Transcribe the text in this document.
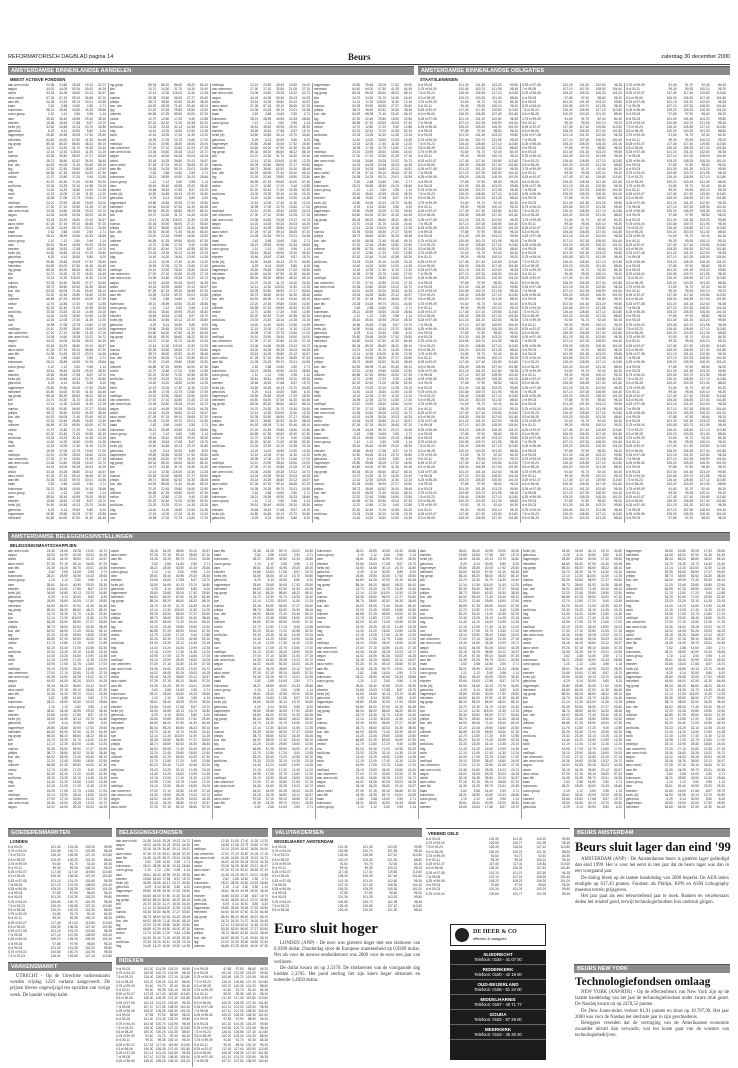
REFORMATORISCH DAGBLAD pagina 14	Beurs	zaterdag 30 december 2000
AMSTERDAMSE BINNENLANDSE AANDELEN
MEEST ACTIEVE FONDSEN
abn amro hold.	24,36	24,60	25,28	19,22	24,72
aegon	44,02	44,05	50,26	30,03	44,25
ahold	33,18	34,25	36,80	20,12	34,57
akzo nobel	57,26	57,15	59,10	36,65	57,20
asm lith.	24,35	24,25	59,70	20,01	24,55
baan	2,62	2,68	14,60	2,50	2,71
buhrmann	28,21	28,59	40,50	24,33	28,66
corus group	1,10	1,12	2,60	0,96	1,14
dsm	35,61	35,40	40,95	29,20	35,30
elsevier	15,66	15,63	17,68	8,57	15,70
fortis (nl)	34,50	34,65	40,13	23,70	34,80
getronics	6,29	6,14	30,50	5,80	6,20
hagemeyer	25,80	25,65	30,05	17,92	25,50
heineken	64,60	64,00	67,50	41,30	64,45
ing groep	85,34	85,20	86,60	48,22	85,10
klm	24,70	24,30	31,70	16,30	24,40
kpn	12,14	12,30	115,00	11,50	12,25
numico	53,35	53,50	56,90	27,27	53,60
philips	38,73	38,60	62,52	34,30	38,45
kon. olie	64,92	65,05	71,40	53,40	65,10
tpg	22,20	22,45	29,80	18,50	22,50
unilever	66,85	67,25	69,50	40,00	67,30
vedior	12,70	12,80	17,20	9,40	12,85
vnu	52,20	52,40	71,00	42,55	52,30
wolt.kluw.	23,33	23,25	32,10	14,35	23,15
hbg	14,40	14,20	16,50	10,90	14,35
stork	12,15	12,05	17,40	11,30	12,20
oce	16,95	17,05	22,75	13,60	17,00
nedlloyd	24,10	23,90	28,40	18,50	24,00
van ommeren	27,00	27,10	32,80	21,05	27,15
abn amro hold.	24,36	24,60	25,28	19,22	24,72
aegon	44,02	44,05	50,26	30,03	44,25
ahold	33,18	34,25	36,80	20,12	34,57
akzo nobel	57,26	57,15	59,10	36,65	57,20
asm lith.	24,35	24,25	59,70	20,01	24,55
baan	2,62	2,68	14,60	2,50	2,71
buhrmann	28,21	28,59	40,50	24,33	28,66
corus group	1,10	1,12	2,60	0,96	1,14
dsm	35,61	35,40	40,95	29,20	35,30
elsevier	15,66	15,63	17,68	8,57	15,70
fortis (nl)	34,50	34,65	40,13	23,70	34,80
getronics	6,29	6,14	30,50	5,80	6,20
hagemeyer	25,80	25,65	30,05	17,92	25,50
heineken	64,60	64,00	67,50	41,30	64,45
ing groep	85,34	85,20	86,60	48,22	85,10
klm	24,70	24,30	31,70	16,30	24,40
kpn	12,14	12,30	115,00	11,50	12,25
numico	53,35	53,50	56,90	27,27	53,60
philips	38,73	38,60	62,52	34,30	38,45
kon. olie	64,92	65,05	71,40	53,40	65,10
tpg	22,20	22,45	29,80	18,50	22,50
unilever	66,85	67,25	69,50	40,00	67,30
vedior	12,70	12,80	17,20	9,40	12,85
vnu	52,20	52,40	71,00	42,55	52,30
wolt.kluw.	23,33	23,25	32,10	14,35	23,15
hbg	14,40	14,20	16,50	10,90	14,35
stork	12,15	12,05	17,40	11,30	12,20
oce	16,95	17,05	22,75	13,60	17,00
nedlloyd	24,10	23,90	28,40	18,50	24,00
van ommeren	27,00	27,10	32,80	21,05	27,15
abn amro hold.	24,36	24,60	25,28	19,22	24,72
aegon	44,02	44,05	50,26	30,03	44,25
ahold	33,18	34,25	36,80	20,12	34,57
akzo nobel	57,26	57,15	59,10	36,65	57,20
asm lith.	24,35	24,25	59,70	20,01	24,55
baan	2,62	2,68	14,60	2,50	2,71
buhrmann	28,21	28,59	40,50	24,33	28,66
corus group	1,10	1,12	2,60	0,96	1,14
dsm	35,61	35,40	40,95	29,20	35,30
elsevier	15,66	15,63	17,68	8,57	15,70
fortis (nl)	34,50	34,65	40,13	23,70	34,80
getronics	6,29	6,14	30,50	5,80	6,20
hagemeyer	25,80	25,65	30,05	17,92	25,50
heineken	64,60	64,00	67,50	41,30	64,45
ing groep	85,34	85,20	86,60	48,22	85,10
klm	24,70	24,30	31,70	16,30	24,40
kpn	12,14	12,30	115,00	11,50	12,25
numico	53,35	53,50	56,90	27,27	53,60
philips	38,73	38,60	62,52	34,30	38,45
kon. olie	64,92	65,05	71,40	53,40	65,10
tpg	22,20	22,45	29,80	18,50	22,50
unilever	66,85	67,25	69,50	40,00	67,30
vedior	12,70	12,80	17,20	9,40	12,85
vnu	52,20	52,40	71,00	42,55	52,30
wolt.kluw.	23,33	23,25	32,10	14,35	23,15
hbg	14,40	14,20	16,50	10,90	14,35
stork	12,15	12,05	17,40	11,30	12,20
oce	16,95	17,05	22,75	13,60	17,00
nedlloyd	24,10	23,90	28,40	18,50	24,00
van ommeren	27,00	27,10	32,80	21,05	27,15
abn amro hold.	24,36	24,60	25,28	19,22	24,72
aegon	44,02	44,05	50,26	30,03	44,25
ahold	33,18	34,25	36,80	20,12	34,57
akzo nobel	57,26	57,15	59,10	36,65	57,20
asm lith.	24,35	24,25	59,70	20,01	24,55
baan	2,62	2,68	14,60	2,50	2,71
buhrmann	28,21	28,59	40,50	24,33	28,66
corus group	1,10	1,12	2,60	0,96	1,14
dsm	35,61	35,40	40,95	29,20	35,30
elsevier	15,66	15,63	17,68	8,57	15,70
fortis (nl)	34,50	34,65	40,13	23,70	34,80
getronics	6,29	6,14	30,50	5,80	6,20
hagemeyer	25,80	25,65	30,05	17,92	25,50
heineken	64,60	64,00	67,50	41,30	64,45
ing groep	85,34	85,20	86,60	48,22	85,10
klm	24,70	24,30	31,70	16,30	24,40
kpn	12,14	12,30	115,00	11,50	12,25
numico	53,35	53,50	56,90	27,27	53,60
philips	38,73	38,60	62,52	34,30	38,45
kon. olie	64,92	65,05	71,40	53,40	65,10
tpg	22,20	22,45	29,80	18,50	22,50
unilever	66,85	67,25	69,50	40,00	67,30
vedior	12,70	12,80	17,20	9,40	12,85
vnu	52,20	52,40	71,00	42,55	52,30
wolt.kluw.	23,33	23,25	32,10	14,35	23,15
hbg	14,40	14,20	16,50	10,90	14,35
stork	12,15	12,05	17,40	11,30	12,20
oce	16,95	17,05	22,75	13,60	17,00
nedlloyd	24,10	23,90	28,40	18,50	24,00
van ommeren	27,00	27,10	32,80	21,05	27,15
abn amro hold.	24,36	24,60	25,28	19,22	24,72
aegon	44,02	44,05	50,26	30,03	44,25
ahold	33,18	34,25	36,80	20,12	34,57
akzo nobel	57,26	57,15	59,10	36,65	57,20
asm lith.	24,35	24,25	59,70	20,01	24,55
baan	2,62	2,68	14,60	2,50	2,71
buhrmann	28,21	28,59	40,50	24,33	28,66
corus group	1,10	1,12	2,60	0,96	1,14
dsm	35,61	35,40	40,95	29,20	35,30
elsevier	15,66	15,63	17,68	8,57	15,70
fortis (nl)	34,50	34,65	40,13	23,70	34,80
getronics	6,29	6,14	30,50	5,80	6,20
hagemeyer	25,80	25,65	30,05	17,92	25,50
heineken	64,60	64,00	67,50	41,30	64,45
ing groep	85,34	85,20	86,60	48,22	85,10
klm	24,70	24,30	31,70	16,30	24,40
kpn	12,14	12,30	115,00	11,50	12,25
numico	53,35	53,50	56,90	27,27	53,60
philips	38,73	38,60	62,52	34,30	38,45
kon. olie	64,92	65,05	71,40	53,40	65,10
tpg	22,20	22,45	29,80	18,50	22,50
unilever	66,85	67,25	69,50	40,00	67,30
vedior	12,70	12,80	17,20	9,40	12,85
vnu	52,20	52,40	71,00	42,55	52,30
wolt.kluw.	23,33	23,25	32,10	14,35	23,15
hbg	14,40	14,20	16,50	10,90	14,35
stork	12,15	12,05	17,40	11,30	12,20
oce	16,95	17,05	22,75	13,60	17,00
nedlloyd	24,10	23,90	28,40	18,50	24,00
van ommeren	27,00	27,10	32,80	21,05	27,15
abn amro hold.	24,36	24,60	25,28	19,22	24,72
aegon	44,02	44,05	50,26	30,03	44,25
ahold	33,18	34,25	36,80	20,12	34,57
akzo nobel	57,26	57,15	59,10	36,65	57,20
asm lith.	24,35	24,25	59,70	20,01	24,55
baan	2,62	2,68	14,60	2,50	2,71
buhrmann	28,21	28,59	40,50	24,33	28,66
corus group	1,10	1,12	2,60	0,96	1,14
dsm	35,61	35,40	40,95	29,20	35,30
elsevier	15,66	15,63	17,68	8,57	15,70
fortis (nl)	34,50	34,65	40,13	23,70	34,80
getronics	6,29	6,14	30,50	5,80	6,20
hagemeyer	25,80	25,65	30,05	17,92	25,50
heineken	64,60	64,00	67,50	41,30	64,45
ing groep	85,34	85,20	86,60	48,22	85,10
klm	24,70	24,30	31,70	16,30	24,40
kpn	12,14	12,30	115,00	11,50	12,25
numico	53,35	53,50	56,90	27,27	53,60
philips	38,73	38,60	62,52	34,30	38,45
kon. olie	64,92	65,05	71,40	53,40	65,10
tpg	22,20	22,45	29,80	18,50	22,50
unilever	66,85	67,25	69,50	40,00	67,30
vedior	12,70	12,80	17,20	9,40	12,85
vnu	52,20	52,40	71,00	42,55	52,30
wolt.kluw.	23,33	23,25	32,10	14,35	23,15
hbg	14,40	14,20	16,50	10,90	14,35
stork	12,15	12,05	17,40	11,30	12,20
oce	16,95	17,05	22,75	13,60	17,00
nedlloyd	24,10	23,90	28,40	18,50	24,00
van ommeren	27,00	27,10	32,80	21,05	27,15
abn amro hold.	24,36	24,60	25,28	19,22	24,72
aegon	44,02	44,05	50,26	30,03	44,25
ahold	33,18	34,25	36,80	20,12	34,57
akzo nobel	57,26	57,15	59,10	36,65	57,20
asm lith.	24,35	24,25	59,70	20,01	24,55
baan	2,62	2,68	14,60	2,50	2,71
buhrmann	28,21	28,59	40,50	24,33	28,66
corus group	1,10	1,12	2,60	0,96	1,14
dsm	35,61	35,40	40,95	29,20	35,30
elsevier	15,66	15,63	17,68	8,57	15,70
fortis (nl)	34,50	34,65	40,13	23,70	34,80
getronics	6,29	6,14	30,50	5,80	6,20
hagemeyer	25,80	25,65	30,05	17,92	25,50
heineken	64,60	64,00	67,50	41,30	64,45
ing groep	85,34	85,20	86,60	48,22	85,10
klm	24,70	24,30	31,70	16,30	24,40
kpn	12,14	12,30	115,00	11,50	12,25
numico	53,35	53,50	56,90	27,27	53,60
philips	38,73	38,60	62,52	34,30	38,45
kon. olie	64,92	65,05	71,40	53,40	65,10
tpg	22,20	22,45	29,80	18,50	22,50
unilever	66,85	67,25	69,50	40,00	67,30
vedior	12,70	12,80	17,20	9,40	12,85
vnu	52,20	52,40	71,00	42,55	52,30
wolt.kluw.	23,33	23,25	32,10	14,35	23,15
hbg	14,40	14,20	16,50	10,90	14,35
stork	12,15	12,05	17,40	11,30	12,20
oce	16,95	17,05	22,75	13,60	17,00
nedlloyd	24,10	23,90	28,40	18,50	24,00
van ommeren	27,00	27,10	32,80	21,05	27,15
abn amro hold.	24,36	24,60	25,28	19,22	24,72
aegon	44,02	44,05	50,26	30,03	44,25
ahold	33,18	34,25	36,80	20,12	34,57
akzo nobel	57,26	57,15	59,10	36,65	57,20
asm lith.	24,35	24,25	59,70	20,01	24,55
baan	2,62	2,68	14,60	2,50	2,71
buhrmann	28,21	28,59	40,50	24,33	28,66
corus group	1,10	1,12	2,60	0,96	1,14
dsm	35,61	35,40	40,95	29,20	35,30
elsevier	15,66	15,63	17,68	8,57	15,70
fortis (nl)	34,50	34,65	40,13	23,70	34,80
getronics	6,29	6,14	30,50	5,80	6,20
hagemeyer	25,80	25,65	30,05	17,92	25,50
heineken	64,60	64,00	67,50	41,30	64,45
ing groep	85,34	85,20	86,60	48,22	85,10
klm	24,70	24,30	31,70	16,30	24,40
kpn	12,14	12,30	115,00	11,50	12,25
numico	53,35	53,50	56,90	27,27	53,60
philips	38,73	38,60	62,52	34,30	38,45
kon. olie	64,92	65,05	71,40	53,40	65,10
tpg	22,20	22,45	29,80	18,50	22,50
unilever	66,85	67,25	69,50	40,00	67,30
vedior	12,70	12,80	17,20	9,40	12,85
vnu	52,20	52,40	71,00	42,55	52,30
wolt.kluw.	23,33	23,25	32,10	14,35	23,15
hbg	14,40	14,20	16,50	10,90	14,35
stork	12,15	12,05	17,40	11,30	12,20
oce	16,95	17,05	22,75	13,60	17,00
nedlloyd	24,10	23,90	28,40	18,50	24,00
van ommeren	27,00	27,10	32,80	21,05	27,15
abn amro hold.	24,36	24,60	25,28	19,22	24,72
aegon	44,02	44,05	50,26	30,03	44,25
ahold	33,18	34,25	36,80	20,12	34,57
akzo nobel	57,26	57,15	59,10	36,65	57,20
asm lith.	24,35	24,25	59,70	20,01	24,55
baan	2,62	2,68	14,60	2,50	2,71
buhrmann	28,21	28,59	40,50	24,33	28,66
corus group	1,10	1,12	2,60	0,96	1,14
dsm	35,61	35,40	40,95	29,20	35,30
elsevier	15,66	15,63	17,68	8,57	15,70
fortis (nl)	34,50	34,65	40,13	23,70	34,80
getronics	6,29	6,14	30,50	5,80	6,20
hagemeyer	25,80	25,65	30,05	17,92	25,50
heineken	64,60	64,00	67,50	41,30	64,45
ing groep	85,34	85,20	86,60	48,22	85,10
klm	24,70	24,30	31,70	16,30	24,40
kpn	12,14	12,30	115,00	11,50	12,25
numico	53,35	53,50	56,90	27,27	53,60
philips	38,73	38,60	62,52	34,30	38,45
kon. olie	64,92	65,05	71,40	53,40	65,10
tpg	22,20	22,45	29,80	18,50	22,50
unilever	66,85	67,25	69,50	40,00	67,30
vedior	12,70	12,80	17,20	9,40	12,85
vnu	52,20	52,40	71,00	42,55	52,30
wolt.kluw.	23,33	23,25	32,10	14,35	23,15
hbg	14,40	14,20	16,50	10,90	14,35
stork	12,15	12,05	17,40	11,30	12,20
oce	16,95	17,05	22,75	13,60	17,00
nedlloyd	24,10	23,90	28,40	18,50	24,00
van ommeren	27,00	27,10	32,80	21,05	27,15
abn amro hold.	24,36	24,60	25,28	19,22	24,72
aegon	44,02	44,05	50,26	30,03	44,25
ahold	33,18	34,25	36,80	20,12	34,57
akzo nobel	57,26	57,15	59,10	36,65	57,20
asm lith.	24,35	24,25	59,70	20,01	24,55
baan	2,62	2,68	14,60	2,50	2,71
buhrmann	28,21	28,59	40,50	24,33	28,66
corus group	1,10	1,12	2,60	0,96	1,14
dsm	35,61	35,40	40,95	29,20	35,30
elsevier	15,66	15,63	17,68	8,57	15,70
fortis (nl)	34,50	34,65	40,13	23,70	34,80
getronics	6,29	6,14	30,50	5,80	6,20
hagemeyer	25,80	25,65	30,05	17,92	25,50
heineken	64,60	64,00	67,50	41,30	64,45
ing groep	85,34	85,20	86,60	48,22	85,10
klm	24,70	24,30	31,70	16,30	24,40
kpn	12,14	12,30	115,00	11,50	12,25
numico	53,35	53,50	56,90	27,27	53,60
philips	38,73	38,60	62,52	34,30	38,45
kon. olie	64,92	65,05	71,40	53,40	65,10
tpg	22,20	22,45	29,80	18,50	22,50
unilever	66,85	67,25	69,50	40,00	67,30
vedior	12,70	12,80	17,20	9,40	12,85
vnu	52,20	52,40	71,00	42,55	52,30
wolt.kluw.	23,33	23,25	32,10	14,35	23,15
hbg	14,40	14,20	16,50	10,90	14,35
stork	12,15	12,05	17,40	11,30	12,20
oce	16,95	17,05	22,75	13,60	17,00
nedlloyd	24,10	23,90	28,40	18,50	24,00
van ommeren	27,00	27,10	32,80	21,05	27,15
abn amro hold.	24,36	24,60	25,28	19,22	24,72
aegon	44,02	44,05	50,26	30,03	44,25
ahold	33,18	34,25	36,80	20,12	34,57
akzo nobel	57,26	57,15	59,10	36,65	57,20
asm lith.	24,35	24,25	59,70	20,01	24,55
baan	2,62	2,68	14,60	2,50	2,71
buhrmann	28,21	28,59	40,50	24,33	28,66
corus group	1,10	1,12	2,60	0,96	1,14
dsm	35,61	35,40	40,95	29,20	35,30
elsevier	15,66	15,63	17,68	8,57	15,70
fortis (nl)	34,50	34,65	40,13	23,70	34,80
getronics	6,29	6,14	30,50	5,80	6,20
hagemeyer	25,80	25,65	30,05	17,92	25,50
heineken	64,60	64,00	67,50	41,30	64,45
ing groep	85,34	85,20	86,60	48,22	85,10
klm	24,70	24,30	31,70	16,30	24,40
kpn	12,14	12,30	115,00	11,50	12,25
numico	53,35	53,50	56,90	27,27	53,60
philips	38,73	38,60	62,52	34,30	38,45
kon. olie	64,92	65,05	71,40	53,40	65,10
tpg	22,20	22,45	29,80	18,50	22,50
unilever	66,85	67,25	69,50	40,00	67,30
vedior	12,70	12,80	17,20	9,40	12,85
vnu	52,20	52,40	71,00	42,55	52,30
wolt.kluw.	23,33	23,25	32,10	14,35	23,15
hbg	14,40	14,20	16,50	10,90	14,35
stork	12,15	12,05	17,40	11,30	12,20
oce	16,95	17,05	22,75	13,60	17,00
nedlloyd	24,10	23,90	28,40	18,50	24,00
van ommeren	27,00	27,10	32,80	21,05	27,15
abn amro hold.	24,36	24,60	25,28	19,22	24,72
aegon	44,02	44,05	50,26	30,03	44,25
ahold	33,18	34,25	36,80	20,12	34,57
akzo nobel	57,26	57,15	59,10	36,65	57,20
asm lith.	24,35	24,25	59,70	20,01	24,55
baan	2,62	2,68	14,60	2,50	2,71
buhrmann	28,21	28,59	40,50	24,33	28,66
corus group	1,10	1,12	2,60	0,96	1,14
dsm	35,61	35,40	40,95	29,20	35,30
elsevier	15,66	15,63	17,68	8,57	15,70
fortis (nl)	34,50	34,65	40,13	23,70	34,80
getronics	6,29	6,14	30,50	5,80	6,20
hagemeyer	25,80	25,65	30,05	17,92	25,50
heineken	64,60	64,00	67,50	41,30	64,45
ing groep	85,34	85,20	86,60	48,22	85,10
klm	24,70	24,30	31,70	16,30	24,40
kpn	12,14	12,30	115,00	11,50	12,25
numico	53,35	53,50	56,90	27,27	53,60
philips	38,73	38,60	62,52	34,30	38,45
kon. olie	64,92	65,05	71,40	53,40	65,10
tpg	22,20	22,45	29,80	18,50	22,50
unilever	66,85	67,25	69,50	40,00	67,30
vedior	12,70	12,80	17,20	9,40	12,85
vnu	52,20	52,40	71,00	42,55	52,30
wolt.kluw.	23,33	23,25	32,10	14,35	23,15
hbg	14,40	14,20	16,50	10,90	14,35
stork	12,15	12,05	17,40	11,30	12,20
oce	16,95	17,05	22,75	13,60	17,00
nedlloyd	24,10	23,90	28,40	18,50	24,00
van ommeren	27,00	27,10	32,80	21,05	27,15
abn amro hold.	24,36	24,60	25,28	19,22	24,72
aegon	44,02	44,05	50,26	30,03	44,25
ahold	33,18	34,25	36,80	20,12	34,57
akzo nobel	57,26	57,15	59,10	36,65	57,20
asm lith.	24,35	24,25	59,70	20,01	24,55
baan	2,62	2,68	14,60	2,50	2,71
buhrmann	28,21	28,59	40,50	24,33	28,66
corus group	1,10	1,12	2,60	0,96	1,14
dsm	35,61	35,40	40,95	29,20	35,30
elsevier	15,66	15,63	17,68	8,57	15,70
fortis (nl)	34,50	34,65	40,13	23,70	34,80
getronics	6,29	6,14	30,50	5,80	6,20
hagemeyer	25,80	25,65	30,05	17,92	25,50
heineken	64,60	64,00	67,50	41,30	64,45
ing groep	85,34	85,20	86,60	48,22	85,10
klm	24,70	24,30	31,70	16,30	24,40
kpn	12,14	12,30	115,00	11,50	12,25
numico	53,35	53,50	56,90	27,27	53,60
philips	38,73	38,60	62,52	34,30	38,45
kon. olie	64,92	65,05	71,40	53,40	65,10
tpg	22,20	22,45	29,80	18,50	22,50
unilever	66,85	67,25	69,50	40,00	67,30
vedior	12,70	12,80	17,20	9,40	12,85
vnu	52,20	52,40	71,00	42,55	52,30
wolt.kluw.	23,33	23,25	32,10	14,35	23,15
hbg	14,40	14,20	16,50	10,90	14,35
stork	12,15	12,05	17,40	11,30	12,20
oce	16,95	17,05	22,75	13,60	17,00
nedlloyd	24,10	23,90	28,40	18,50	24,00
van ommeren	27,00	27,10	32,80	21,05	27,15
abn amro hold.	24,36	24,60	25,28	19,22	24,72
aegon	44,02	44,05	50,26	30,03	44,25
ahold	33,18	34,25	36,80	20,12	34,57
akzo nobel	57,26	57,15	59,10	36,65	57,20
asm lith.	24,35	24,25	59,70	20,01	24,55
baan	2,62	2,68	14,60	2,50	2,71
buhrmann	28,21	28,59	40,50	24,33	28,66
corus group	1,10	1,12	2,60	0,96	1,14
dsm	35,61	35,40	40,95	29,20	35,30
elsevier	15,66	15,63	17,68	8,57	15,70
fortis (nl)	34,50	34,65	40,13	23,70	34,80
getronics	6,29	6,14	30,50	5,80	6,20
hagemeyer	25,80	25,65	30,05	17,92	25,50
heineken	64,60	64,00	67,50	41,30	64,45
ing groep	85,34	85,20	86,60	48,22	85,10
klm	24,70	24,30	31,70	16,30	24,40
kpn	12,14	12,30	115,00	11,50	12,25
numico	53,35	53,50	56,90	27,27	53,60
philips	38,73	38,60	62,52	34,30	38,45
kon. olie	64,92	65,05	71,40	53,40	65,10
tpg	22,20	22,45	29,80	18,50	22,50
unilever	66,85	67,25	69,50	40,00	67,30
vedior	12,70	12,80	17,20	9,40	12,85
vnu	52,20	52,40	71,00	42,55	52,30
wolt.kluw.	23,33	23,25	32,10	14,35	23,15
hbg	14,40	14,20	16,50	10,90	14,35
AMSTERDAMSE BINNENLANDSE OBLIGATIES
STAATSLENINGEN
6 nl 93-03	101,30	101,35	103,20	99,80
5,75 nl 94-04	100,65	100,70	101,95	98,45
7,5 nl 93-23	126,40	126,55	127,10	110,80
5,5 nl 98-28	100,20	100,25	101,30	88,60
3,75 nl 99-09	91,60	91,70	92,40	84,30
5 nl 00-11	99,30	99,35	100,10	95,20
8,25 nl 92-07	117,45	117,40	119,80	113,60
6,5 nl 96-06	106,30	106,35	107,40	101,80
5,25 nl 97-08	101,15	101,20	102,60	96,35
7 nl 95-05	107,10	107,05	108,90	104,40
6,25 nl 96-06	105,20	105,25	106,30	101,00
4 nl 99-03	97,85	97,90	98,60	96,20
6 nl 93-03	101,30	101,35	103,20	99,80
5,75 nl 94-04	100,65	100,70	101,95	98,45
7,5 nl 93-23	126,40	126,55	127,10	110,80
5,5 nl 98-28	100,20	100,25	101,30	88,60
3,75 nl 99-09	91,60	91,70	92,40	84,30
5 nl 00-11	99,30	99,35	100,10	95,20
8,25 nl 92-07	117,45	117,40	119,80	113,60
6,5 nl 96-06	106,30	106,35	107,40	101,80
5,25 nl 97-08	101,15	101,20	102,60	96,35
7 nl 95-05	107,10	107,05	108,90	104,40
6,25 nl 96-06	105,20	105,25	106,30	101,00
4 nl 99-03	97,85	97,90	98,60	96,20
6 nl 93-03	101,30	101,35	103,20	99,80
5,75 nl 94-04	100,65	100,70	101,95	98,45
7,5 nl 93-23	126,40	126,55	127,10	110,80
5,5 nl 98-28	100,20	100,25	101,30	88,60
3,75 nl 99-09	91,60	91,70	92,40	84,30
5 nl 00-11	99,30	99,35	100,10	95,20
8,25 nl 92-07	117,45	117,40	119,80	113,60
6,5 nl 96-06	106,30	106,35	107,40	101,80
5,25 nl 97-08	101,15	101,20	102,60	96,35
7 nl 95-05	107,10	107,05	108,90	104,40
6,25 nl 96-06	105,20	105,25	106,30	101,00
4 nl 99-03	97,85	97,90	98,60	96,20
6 nl 93-03	101,30	101,35	103,20	99,80
5,75 nl 94-04	100,65	100,70	101,95	98,45
7,5 nl 93-23	126,40	126,55	127,10	110,80
5,5 nl 98-28	100,20	100,25	101,30	88,60
3,75 nl 99-09	91,60	91,70	92,40	84,30
5 nl 00-11	99,30	99,35	100,10	95,20
8,25 nl 92-07	117,45	117,40	119,80	113,60
6,5 nl 96-06	106,30	106,35	107,40	101,80
5,25 nl 97-08	101,15	101,20	102,60	96,35
7 nl 95-05	107,10	107,05	108,90	104,40
6,25 nl 96-06	105,20	105,25	106,30	101,00
4 nl 99-03	97,85	97,90	98,60	96,20
6 nl 93-03	101,30	101,35	103,20	99,80
5,75 nl 94-04	100,65	100,70	101,95	98,45
7,5 nl 93-23	126,40	126,55	127,10	110,80
5,5 nl 98-28	100,20	100,25	101,30	88,60
3,75 nl 99-09	91,60	91,70	92,40	84,30
5 nl 00-11	99,30	99,35	100,10	95,20
8,25 nl 92-07	117,45	117,40	119,80	113,60
6,5 nl 96-06	106,30	106,35	107,40	101,80
5,25 nl 97-08	101,15	101,20	102,60	96,35
7 nl 95-05	107,10	107,05	108,90	104,40
6,25 nl 96-06	105,20	105,25	106,30	101,00
4 nl 99-03	97,85	97,90	98,60	96,20
6 nl 93-03	101,30	101,35	103,20	99,80
5,75 nl 94-04	100,65	100,70	101,95	98,45
7,5 nl 93-23	126,40	126,55	127,10	110,80
5,5 nl 98-28	100,20	100,25	101,30	88,60
3,75 nl 99-09	91,60	91,70	92,40	84,30
5 nl 00-11	99,30	99,35	100,10	95,20
8,25 nl 92-07	117,45	117,40	119,80	113,60
6,5 nl 96-06	106,30	106,35	107,40	101,80
5,25 nl 97-08	101,15	101,20	102,60	96,35
7 nl 95-05	107,10	107,05	108,90	104,40
6,25 nl 96-06	105,20	105,25	106,30	101,00
4 nl 99-03	97,85	97,90	98,60	96,20
6 nl 93-03	101,30	101,35	103,20	99,80
5,75 nl 94-04	100,65	100,70	101,95	98,45
7,5 nl 93-23	126,40	126,55	127,10	110,80
5,5 nl 98-28	100,20	100,25	101,30	88,60
3,75 nl 99-09	91,60	91,70	92,40	84,30
5 nl 00-11	99,30	99,35	100,10	95,20
8,25 nl 92-07	117,45	117,40	119,80	113,60
6,5 nl 96-06	106,30	106,35	107,40	101,80
5,25 nl 97-08	101,15	101,20	102,60	96,35
7 nl 95-05	107,10	107,05	108,90	104,40
6,25 nl 96-06	105,20	105,25	106,30	101,00
4 nl 99-03	97,85	97,90	98,60	96,20
6 nl 93-03	101,30	101,35	103,20	99,80
5,75 nl 94-04	100,65	100,70	101,95	98,45
7,5 nl 93-23	126,40	126,55	127,10	110,80
5,5 nl 98-28	100,20	100,25	101,30	88,60
3,75 nl 99-09	91,60	91,70	92,40	84,30
5 nl 00-11	99,30	99,35	100,10	95,20
8,25 nl 92-07	117,45	117,40	119,80	113,60
6,5 nl 96-06	106,30	106,35	107,40	101,80
5,25 nl 97-08	101,15	101,20	102,60	96,35
7 nl 95-05	107,10	107,05	108,90	104,40
6,25 nl 96-06	105,20	105,25	106,30	101,00
4 nl 99-03	97,85	97,90	98,60	96,20
6 nl 93-03	101,30	101,35	103,20	99,80
5,75 nl 94-04	100,65	100,70	101,95	98,45
7,5 nl 93-23	126,40	126,55	127,10	110,80
5,5 nl 98-28	100,20	100,25	101,30	88,60
3,75 nl 99-09	91,60	91,70	92,40	84,30
5 nl 00-11	99,30	99,35	100,10	95,20
8,25 nl 92-07	117,45	117,40	119,80	113,60
6,5 nl 96-06	106,30	106,35	107,40	101,80
5,25 nl 97-08	101,15	101,20	102,60	96,35
7 nl 95-05	107,10	107,05	108,90	104,40
6,25 nl 96-06	105,20	105,25	106,30	101,00
4 nl 99-03	97,85	97,90	98,60	96,20
6 nl 93-03	101,30	101,35	103,20	99,80
5,75 nl 94-04	100,65	100,70	101,95	98,45
7,5 nl 93-23	126,40	126,55	127,10	110,80
5,5 nl 98-28	100,20	100,25	101,30	88,60
3,75 nl 99-09	91,60	91,70	92,40	84,30
5 nl 00-11	99,30	99,35	100,10	95,20
8,25 nl 92-07	117,45	117,40	119,80	113,60
6,5 nl 96-06	106,30	106,35	107,40	101,80
5,25 nl 97-08	101,15	101,20	102,60	96,35
7 nl 95-05	107,10	107,05	108,90	104,40
6,25 nl 96-06	105,20	105,25	106,30	101,00
4 nl 99-03	97,85	97,90	98,60	96,20
6 nl 93-03	101,30	101,35	103,20	99,80
5,75 nl 94-04	100,65	100,70	101,95	98,45
7,5 nl 93-23	126,40	126,55	127,10	110,80
5,5 nl 98-28	100,20	100,25	101,30	88,60
3,75 nl 99-09	91,60	91,70	92,40	84,30
5 nl 00-11	99,30	99,35	100,10	95,20
8,25 nl 92-07	117,45	117,40	119,80	113,60
6,5 nl 96-06	106,30	106,35	107,40	101,80
5,25 nl 97-08	101,15	101,20	102,60	96,35
7 nl 95-05	107,10	107,05	108,90	104,40
6,25 nl 96-06	105,20	105,25	106,30	101,00
4 nl 99-03	97,85	97,90	98,60	96,20
6 nl 93-03	101,30	101,35	103,20	99,80
5,75 nl 94-04	100,65	100,70	101,95	98,45
7,5 nl 93-23	126,40	126,55	127,10	110,80
5,5 nl 98-28	100,20	100,25	101,30	88,60
3,75 nl 99-09	91,60	91,70	92,40	84,30
5 nl 00-11	99,30	99,35	100,10	95,20
8,25 nl 92-07	117,45	117,40	119,80	113,60
6,5 nl 96-06	106,30	106,35	107,40	101,80
5,25 nl 97-08	101,15	101,20	102,60	96,35
7 nl 95-05	107,10	107,05	108,90	104,40
6,25 nl 96-06	105,20	105,25	106,30	101,00
4 nl 99-03	97,85	97,90	98,60	96,20
6 nl 93-03	101,30	101,35	103,20	99,80
5,75 nl 94-04	100,65	100,70	101,95	98,45
7,5 nl 93-23	126,40	126,55	127,10	110,80
5,5 nl 98-28	100,20	100,25	101,30	88,60
3,75 nl 99-09	91,60	91,70	92,40	84,30
5 nl 00-11	99,30	99,35	100,10	95,20
8,25 nl 92-07	117,45	117,40	119,80	113,60
6,5 nl 96-06	106,30	106,35	107,40	101,80
5,25 nl 97-08	101,15	101,20	102,60	96,35
7 nl 95-05	107,10	107,05	108,90	104,40
6,25 nl 96-06	105,20	105,25	106,30	101,00
4 nl 99-03	97,85	97,90	98,60	96,20
6 nl 93-03	101,30	101,35	103,20	99,80
5,75 nl 94-04	100,65	100,70	101,95	98,45
7,5 nl 93-23	126,40	126,55	127,10	110,80
5,5 nl 98-28	100,20	100,25	101,30	88,60
3,75 nl 99-09	91,60	91,70	92,40	84,30
5 nl 00-11	99,30	99,35	100,10	95,20
8,25 nl 92-07	117,45	117,40	119,80	113,60
6,5 nl 96-06	106,30	106,35	107,40	101,80
5,25 nl 97-08	101,15	101,20	102,60	96,35
7 nl 95-05	107,10	107,05	108,90	104,40
6,25 nl 96-06	105,20	105,25	106,30	101,00
4 nl 99-03	97,85	97,90	98,60	96,20
6 nl 93-03	101,30	101,35	103,20	99,80
5,75 nl 94-04	100,65	100,70	101,95	98,45
7,5 nl 93-23	126,40	126,55	127,10	110,80
5,5 nl 98-28	100,20	100,25	101,30	88,60
3,75 nl 99-09	91,60	91,70	92,40	84,30
5 nl 00-11	99,30	99,35	100,10	95,20
8,25 nl 92-07	117,45	117,40	119,80	113,60
6,5 nl 96-06	106,30	106,35	107,40	101,80
5,25 nl 97-08	101,15	101,20	102,60	96,35
7 nl 95-05	107,10	107,05	108,90	104,40
6,25 nl 96-06	105,20	105,25	106,30	101,00
4 nl 99-03	97,85	97,90	98,60	96,20
6 nl 93-03	101,30	101,35	103,20	99,80
5,75 nl 94-04	100,65	100,70	101,95	98,45
7,5 nl 93-23	126,40	126,55	127,10	110,80
5,5 nl 98-28	100,20	100,25	101,30	88,60
3,75 nl 99-09	91,60	91,70	92,40	84,30
5 nl 00-11	99,30	99,35	100,10	95,20
8,25 nl 92-07	117,45	117,40	119,80	113,60
6,5 nl 96-06	106,30	106,35	107,40	101,80
5,25 nl 97-08	101,15	101,20	102,60	96,35
7 nl 95-05	107,10	107,05	108,90	104,40
6,25 nl 96-06	105,20	105,25	106,30	101,00
4 nl 99-03	97,85	97,90	98,60	96,20
6 nl 93-03	101,30	101,35	103,20	99,80
5,75 nl 94-04	100,65	100,70	101,95	98,45
7,5 nl 93-23	126,40	126,55	127,10	110,80
5,5 nl 98-28	100,20	100,25	101,30	88,60
3,75 nl 99-09	91,60	91,70	92,40	84,30
5 nl 00-11	99,30	99,35	100,10	95,20
8,25 nl 92-07	117,45	117,40	119,80	113,60
6,5 nl 96-06	106,30	106,35	107,40	101,80
5,25 nl 97-08	101,15	101,20	102,60	96,35
7 nl 95-05	107,10	107,05	108,90	104,40
6,25 nl 96-06	105,20	105,25	106,30	101,00
4 nl 99-03	97,85	97,90	98,60	96,20
6 nl 93-03	101,30	101,35	103,20	99,80
5,75 nl 94-04	100,65	100,70	101,95	98,45
7,5 nl 93-23	126,40	126,55	127,10	110,80
5,5 nl 98-28	100,20	100,25	101,30	88,60
3,75 nl 99-09	91,60	91,70	92,40	84,30
5 nl 00-11	99,30	99,35	100,10	95,20
8,25 nl 92-07	117,45	117,40	119,80	113,60
6,5 nl 96-06	106,30	106,35	107,40	101,80
5,25 nl 97-08	101,15	101,20	102,60	96,35
7 nl 95-05	107,10	107,05	108,90	104,40
6,25 nl 96-06	105,20	105,25	106,30	101,00
4 nl 99-03	97,85	97,90	98,60	96,20
6 nl 93-03	101,30	101,35	103,20	99,80
5,75 nl 94-04	100,65	100,70	101,95	98,45
7,5 nl 93-23	126,40	126,55	127,10	110,80
5,5 nl 98-28	100,20	100,25	101,30	88,60
3,75 nl 99-09	91,60	91,70	92,40	84,30
5 nl 00-11	99,30	99,35	100,10	95,20
8,25 nl 92-07	117,45	117,40	119,80	113,60
6,5 nl 96-06	106,30	106,35	107,40	101,80
5,25 nl 97-08	101,15	101,20	102,60	96,35
7 nl 95-05	107,10	107,05	108,90	104,40
6,25 nl 96-06	105,20	105,25	106,30	101,00
4 nl 99-03	97,85	97,90	98,60	96,20
6 nl 93-03	101,30	101,35	103,20	99,80
5,75 nl 94-04	100,65	100,70	101,95	98,45
7,5 nl 93-23	126,40	126,55	127,10	110,80
5,5 nl 98-28	100,20	100,25	101,30	88,60
3,75 nl 99-09	91,60	91,70	92,40	84,30
5 nl 00-11	99,30	99,35	100,10	95,20
8,25 nl 92-07	117,45	117,40	119,80	113,60
6,5 nl 96-06	106,30	106,35	107,40	101,80
5,25 nl 97-08	101,15	101,20	102,60	96,35
7 nl 95-05	107,10	107,05	108,90	104,40
6,25 nl 96-06	105,20	105,25	106,30	101,00
4 nl 99-03	97,85	97,90	98,60	96,20
6 nl 93-03	101,30	101,35	103,20	99,80
5,75 nl 94-04	100,65	100,70	101,95	98,45
7,5 nl 93-23	126,40	126,55	127,10	110,80
5,5 nl 98-28	100,20	100,25	101,30	88,60
3,75 nl 99-09	91,60	91,70	92,40	84,30
5 nl 00-11	99,30	99,35	100,10	95,20
8,25 nl 92-07	117,45	117,40	119,80	113,60
6,5 nl 96-06	106,30	106,35	107,40	101,80
5,25 nl 97-08	101,15	101,20	102,60	96,35
7 nl 95-05	107,10	107,05	108,90	104,40
6,25 nl 96-06	105,20	105,25	106,30	101,00
4 nl 99-03	97,85	97,90	98,60	96,20
6 nl 93-03	101,30	101,35	103,20	99,80
5,75 nl 94-04	100,65	100,70	101,95	98,45
7,5 nl 93-23	126,40	126,55	127,10	110,80
5,5 nl 98-28	100,20	100,25	101,30	88,60
3,75 nl 99-09	91,60	91,70	92,40	84,30
5 nl 00-11	99,30	99,35	100,10	95,20
8,25 nl 92-07	117,45	117,40	119,80	113,60
6,5 nl 96-06	106,30	106,35	107,40	101,80
5,25 nl 97-08	101,15	101,20	102,60	96,35
7 nl 95-05	107,10	107,05	108,90	104,40
6,25 nl 96-06	105,20	105,25	106,30	101,00
4 nl 99-03	97,85	97,90	98,60	96,20
6 nl 93-03	101,30	101,35	103,20	99,80
5,75 nl 94-04	100,65	100,70	101,95	98,45
7,5 nl 93-23	126,40	126,55	127,10	110,80
5,5 nl 98-28	100,20	100,25	101,30	88,60
3,75 nl 99-09	91,60	91,70	92,40	84,30
5 nl 00-11	99,30	99,35	100,10	95,20
8,25 nl 92-07	117,45	117,40	119,80	113,60
6,5 nl 96-06	106,30	106,35	107,40	101,80
5,25 nl 97-08	101,15	101,20	102,60	96,35
7 nl 95-05	107,10	107,05	108,90	104,40
6,25 nl 96-06	105,20	105,25	106,30	101,00
4 nl 99-03	97,85	97,90	98,60	96,20
6 nl 93-03	101,30	101,35	103,20	99,80
5,75 nl 94-04	100,65	100,70	101,95	98,45
7,5 nl 93-23	126,40	126,55	127,10	110,80
5,5 nl 98-28	100,20	100,25	101,30	88,60
3,75 nl 99-09	91,60	91,70	92,40	84,30
5 nl 00-11	99,30	99,35	100,10	95,20
8,25 nl 92-07	117,45	117,40	119,80	113,60
6,5 nl 96-06	106,30	106,35	107,40	101,80
5,25 nl 97-08	101,15	101,20	102,60	96,35
7 nl 95-05	107,10	107,05	108,90	104,40
6,25 nl 96-06	105,20	105,25	106,30	101,00
4 nl 99-03	97,85	97,90	98,60	96,20
6 nl 93-03	101,30	101,35	103,20	99,80
5,75 nl 94-04	100,65	100,70	101,95	98,45
7,5 nl 93-23	126,40	126,55	127,10	110,80
5,5 nl 98-28	100,20	100,25	101,30	88,60
3,75 nl 99-09	91,60	91,70	92,40	84,30
5 nl 00-11	99,30	99,35	100,10	95,20
8,25 nl 92-07	117,45	117,40	119,80	113,60
6,5 nl 96-06	106,30	106,35	107,40	101,80
5,25 nl 97-08	101,15	101,20	102,60	96,35
7 nl 95-05	107,10	107,05	108,90	104,40
6,25 nl 96-06	105,20	105,25	106,30	101,00
4 nl 99-03	97,85	97,90	98,60	96,20
6 nl 93-03	101,30	101,35	103,20	99,80
5,75 nl 94-04	100,65	100,70	101,95	98,45
7,5 nl 93-23	126,40	126,55	127,10	110,80
5,5 nl 98-28	100,20	100,25	101,30	88,60
3,75 nl 99-09	91,60	91,70	92,40	84,30
5 nl 00-11	99,30	99,35	100,10	95,20
8,25 nl 92-07	117,45	117,40	119,80	113,60
6,5 nl 96-06	106,30	106,35	107,40	101,80
5,25 nl 97-08	101,15	101,20	102,60	96,35
7 nl 95-05	107,10	107,05	108,90	104,40
6,25 nl 96-06	105,20	105,25	106,30	101,00
4 nl 99-03	97,85	97,90	98,60	96,20
AMSTERDAMSE BELEGGINGSINSTELLINGEN
BELEGGINGSMAATSCHAPPIJEN
abn amro hold.	24,36	24,60	25,28	19,22	24,72
aegon	44,02	44,05	50,26	30,03	44,25
ahold	33,18	34,25	36,80	20,12	34,57
akzo nobel	57,26	57,15	59,10	36,65	57,20
asm lith.	24,35	24,25	59,70	20,01	24,55
baan	2,62	2,68	14,60	2,50	2,71
buhrmann	28,21	28,59	40,50	24,33	28,66
corus group	1,10	1,12	2,60	0,96	1,14
dsm	35,61	35,40	40,95	29,20	35,30
elsevier	15,66	15,63	17,68	8,57	15,70
fortis (nl)	34,50	34,65	40,13	23,70	34,80
getronics	6,29	6,14	30,50	5,80	6,20
hagemeyer	25,80	25,65	30,05	17,92	25,50
heineken	64,60	64,00	67,50	41,30	64,45
ing groep	85,34	85,20	86,60	48,22	85,10
klm	24,70	24,30	31,70	16,30	24,40
kpn	12,14	12,30	115,00	11,50	12,25
numico	53,35	53,50	56,90	27,27	53,60
philips	38,73	38,60	62,52	34,30	38,45
kon. olie	64,92	65,05	71,40	53,40	65,10
tpg	22,20	22,45	29,80	18,50	22,50
unilever	66,85	67,25	69,50	40,00	67,30
vedior	12,70	12,80	17,20	9,40	12,85
vnu	52,20	52,40	71,00	42,55	52,30
wolt.kluw.	23,33	23,25	32,10	14,35	23,15
hbg	14,40	14,20	16,50	10,90	14,35
stork	12,15	12,05	17,40	11,30	12,20
oce	16,95	17,05	22,75	13,60	17,00
nedlloyd	24,10	23,90	28,40	18,50	24,00
van ommeren	27,00	27,10	32,80	21,05	27,15
abn amro hold.	24,36	24,60	25,28	19,22	24,72
aegon	44,02	44,05	50,26	30,03	44,25
ahold	33,18	34,25	36,80	20,12	34,57
akzo nobel	57,26	57,15	59,10	36,65	57,20
asm lith.	24,35	24,25	59,70	20,01	24,55
baan	2,62	2,68	14,60	2,50	2,71
buhrmann	28,21	28,59	40,50	24,33	28,66
corus group	1,10	1,12	2,60	0,96	1,14
dsm	35,61	35,40	40,95	29,20	35,30
elsevier	15,66	15,63	17,68	8,57	15,70
fortis (nl)	34,50	34,65	40,13	23,70	34,80
getronics	6,29	6,14	30,50	5,80	6,20
hagemeyer	25,80	25,65	30,05	17,92	25,50
heineken	64,60	64,00	67,50	41,30	64,45
ing groep	85,34	85,20	86,60	48,22	85,10
klm	24,70	24,30	31,70	16,30	24,40
kpn	12,14	12,30	115,00	11,50	12,25
numico	53,35	53,50	56,90	27,27	53,60
philips	38,73	38,60	62,52	34,30	38,45
kon. olie	64,92	65,05	71,40	53,40	65,10
tpg	22,20	22,45	29,80	18,50	22,50
unilever	66,85	67,25	69,50	40,00	67,30
vedior	12,70	12,80	17,20	9,40	12,85
vnu	52,20	52,40	71,00	42,55	52,30
wolt.kluw.	23,33	23,25	32,10	14,35	23,15
hbg	14,40	14,20	16,50	10,90	14,35
stork	12,15	12,05	17,40	11,30	12,20
oce	16,95	17,05	22,75	13,60	17,00
nedlloyd	24,10	23,90	28,40	18,50	24,00
van ommeren	27,00	27,10	32,80	21,05	27,15
abn amro hold.	24,36	24,60	25,28	19,22	24,72
aegon	44,02	44,05	50,26	30,03	44,25
ahold	33,18	34,25	36,80	20,12	34,57
akzo nobel	57,26	57,15	59,10	36,65	57,20
asm lith.	24,35	24,25	59,70	20,01	24,55
baan	2,62	2,68	14,60	2,50	2,71
buhrmann	28,21	28,59	40,50	24,33	28,66
corus group	1,10	1,12	2,60	0,96	1,14
dsm	35,61	35,40	40,95	29,20	35,30
elsevier	15,66	15,63	17,68	8,57	15,70
fortis (nl)	34,50	34,65	40,13	23,70	34,80
getronics	6,29	6,14	30,50	5,80	6,20
hagemeyer	25,80	25,65	30,05	17,92	25,50
heineken	64,60	64,00	67,50	41,30	64,45
ing groep	85,34	85,20	86,60	48,22	85,10
klm	24,70	24,30	31,70	16,30	24,40
kpn	12,14	12,30	115,00	11,50	12,25
numico	53,35	53,50	56,90	27,27	53,60
philips	38,73	38,60	62,52	34,30	38,45
kon. olie	64,92	65,05	71,40	53,40	65,10
tpg	22,20	22,45	29,80	18,50	22,50
unilever	66,85	67,25	69,50	40,00	67,30
vedior	12,70	12,80	17,20	9,40	12,85
vnu	52,20	52,40	71,00	42,55	52,30
wolt.kluw.	23,33	23,25	32,10	14,35	23,15
hbg	14,40	14,20	16,50	10,90	14,35
stork	12,15	12,05	17,40	11,30	12,20
oce	16,95	17,05	22,75	13,60	17,00
nedlloyd	24,10	23,90	28,40	18,50	24,00
van ommeren	27,00	27,10	32,80	21,05	27,15
abn amro hold.	24,36	24,60	25,28	19,22	24,72
aegon	44,02	44,05	50,26	30,03	44,25
ahold	33,18	34,25	36,80	20,12	34,57
akzo nobel	57,26	57,15	59,10	36,65	57,20
asm lith.	24,35	24,25	59,70	20,01	24,55
baan	2,62	2,68	14,60	2,50	2,71
buhrmann	28,21	28,59	40,50	24,33	28,66
corus group	1,10	1,12	2,60	0,96	1,14
dsm	35,61	35,40	40,95	29,20	35,30
elsevier	15,66	15,63	17,68	8,57	15,70
fortis (nl)	34,50	34,65	40,13	23,70	34,80
getronics	6,29	6,14	30,50	5,80	6,20
hagemeyer	25,80	25,65	30,05	17,92	25,50
heineken	64,60	64,00	67,50	41,30	64,45
ing groep	85,34	85,20	86,60	48,22	85,10
klm	24,70	24,30	31,70	16,30	24,40
kpn	12,14	12,30	115,00	11,50	12,25
numico	53,35	53,50	56,90	27,27	53,60
philips	38,73	38,60	62,52	34,30	38,45
kon. olie	64,92	65,05	71,40	53,40	65,10
tpg	22,20	22,45	29,80	18,50	22,50
unilever	66,85	67,25	69,50	40,00	67,30
vedior	12,70	12,80	17,20	9,40	12,85
vnu	52,20	52,40	71,00	42,55	52,30
wolt.kluw.	23,33	23,25	32,10	14,35	23,15
hbg	14,40	14,20	16,50	10,90	14,35
stork	12,15	12,05	17,40	11,30	12,20
oce	16,95	17,05	22,75	13,60	17,00
nedlloyd	24,10	23,90	28,40	18,50	24,00
van ommeren	27,00	27,10	32,80	21,05	27,15
abn amro hold.	24,36	24,60	25,28	19,22	24,72
aegon	44,02	44,05	50,26	30,03	44,25
ahold	33,18	34,25	36,80	20,12	34,57
akzo nobel	57,26	57,15	59,10	36,65	57,20
asm lith.	24,35	24,25	59,70	20,01	24,55
baan	2,62	2,68	14,60	2,50	2,71
buhrmann	28,21	28,59	40,50	24,33	28,66
corus group	1,10	1,12	2,60	0,96	1,14
dsm	35,61	35,40	40,95	29,20	35,30
elsevier	15,66	15,63	17,68	8,57	15,70
fortis (nl)	34,50	34,65	40,13	23,70	34,80
getronics	6,29	6,14	30,50	5,80	6,20
hagemeyer	25,80	25,65	30,05	17,92	25,50
heineken	64,60	64,00	67,50	41,30	64,45
ing groep	85,34	85,20	86,60	48,22	85,10
klm	24,70	24,30	31,70	16,30	24,40
kpn	12,14	12,30	115,00	11,50	12,25
numico	53,35	53,50	56,90	27,27	53,60
philips	38,73	38,60	62,52	34,30	38,45
kon. olie	64,92	65,05	71,40	53,40	65,10
tpg	22,20	22,45	29,80	18,50	22,50
unilever	66,85	67,25	69,50	40,00	67,30
vedior	12,70	12,80	17,20	9,40	12,85
vnu	52,20	52,40	71,00	42,55	52,30
wolt.kluw.	23,33	23,25	32,10	14,35	23,15
hbg	14,40	14,20	16,50	10,90	14,35
stork	12,15	12,05	17,40	11,30	12,20
oce	16,95	17,05	22,75	13,60	17,00
nedlloyd	24,10	23,90	28,40	18,50	24,00
van ommeren	27,00	27,10	32,80	21,05	27,15
abn amro hold.	24,36	24,60	25,28	19,22	24,72
aegon	44,02	44,05	50,26	30,03	44,25
ahold	33,18	34,25	36,80	20,12	34,57
akzo nobel	57,26	57,15	59,10	36,65	57,20
asm lith.	24,35	24,25	59,70	20,01	24,55
baan	2,62	2,68	14,60	2,50	2,71
buhrmann	28,21	28,59	40,50	24,33	28,66
corus group	1,10	1,12	2,60	0,96	1,14
dsm	35,61	35,40	40,95	29,20	35,30
elsevier	15,66	15,63	17,68	8,57	15,70
fortis (nl)	34,50	34,65	40,13	23,70	34,80
getronics	6,29	6,14	30,50	5,80	6,20
hagemeyer	25,80	25,65	30,05	17,92	25,50
heineken	64,60	64,00	67,50	41,30	64,45
ing groep	85,34	85,20	86,60	48,22	85,10
klm	24,70	24,30	31,70	16,30	24,40
kpn	12,14	12,30	115,00	11,50	12,25
numico	53,35	53,50	56,90	27,27	53,60
philips	38,73	38,60	62,52	34,30	38,45
kon. olie	64,92	65,05	71,40	53,40	65,10
tpg	22,20	22,45	29,80	18,50	22,50
unilever	66,85	67,25	69,50	40,00	67,30
vedior	12,70	12,80	17,20	9,40	12,85
vnu	52,20	52,40	71,00	42,55	52,30
wolt.kluw.	23,33	23,25	32,10	14,35	23,15
hbg	14,40	14,20	16,50	10,90	14,35
stork	12,15	12,05	17,40	11,30	12,20
oce	16,95	17,05	22,75	13,60	17,00
nedlloyd	24,10	23,90	28,40	18,50	24,00
van ommeren	27,00	27,10	32,80	21,05	27,15
abn amro hold.	24,36	24,60	25,28	19,22	24,72
aegon	44,02	44,05	50,26	30,03	44,25
ahold	33,18	34,25	36,80	20,12	34,57
akzo nobel	57,26	57,15	59,10	36,65	57,20
asm lith.	24,35	24,25	59,70	20,01	24,55
baan	2,62	2,68	14,60	2,50	2,71
buhrmann	28,21	28,59	40,50	24,33	28,66
corus group	1,10	1,12	2,60	0,96	1,14
dsm	35,61	35,40	40,95	29,20	35,30
elsevier	15,66	15,63	17,68	8,57	15,70
fortis (nl)	34,50	34,65	40,13	23,70	34,80
getronics	6,29	6,14	30,50	5,80	6,20
hagemeyer	25,80	25,65	30,05	17,92	25,50
heineken	64,60	64,00	67,50	41,30	64,45
ing groep	85,34	85,20	86,60	48,22	85,10
klm	24,70	24,30	31,70	16,30	24,40
kpn	12,14	12,30	115,00	11,50	12,25
numico	53,35	53,50	56,90	27,27	53,60
philips	38,73	38,60	62,52	34,30	38,45
kon. olie	64,92	65,05	71,40	53,40	65,10
tpg	22,20	22,45	29,80	18,50	22,50
unilever	66,85	67,25	69,50	40,00	67,30
vedior	12,70	12,80	17,20	9,40	12,85
vnu	52,20	52,40	71,00	42,55	52,30
wolt.kluw.	23,33	23,25	32,10	14,35	23,15
hbg	14,40	14,20	16,50	10,90	14,35
stork	12,15	12,05	17,40	11,30	12,20
oce	16,95	17,05	22,75	13,60	17,00
nedlloyd	24,10	23,90	28,40	18,50	24,00
van ommeren	27,00	27,10	32,80	21,05	27,15
abn amro hold.	24,36	24,60	25,28	19,22	24,72
aegon	44,02	44,05	50,26	30,03	44,25
ahold	33,18	34,25	36,80	20,12	34,57
akzo nobel	57,26	57,15	59,10	36,65	57,20
asm lith.	24,35	24,25	59,70	20,01	24,55
baan	2,62	2,68	14,60	2,50	2,71
buhrmann	28,21	28,59	40,50	24,33	28,66
corus group	1,10	1,12	2,60	0,96	1,14
dsm	35,61	35,40	40,95	29,20	35,30
elsevier	15,66	15,63	17,68	8,57	15,70
fortis (nl)	34,50	34,65	40,13	23,70	34,80
getronics	6,29	6,14	30,50	5,80	6,20
hagemeyer	25,80	25,65	30,05	17,92	25,50
heineken	64,60	64,00	67,50	41,30	64,45
ing groep	85,34	85,20	86,60	48,22	85,10
klm	24,70	24,30	31,70	16,30	24,40
kpn	12,14	12,30	115,00	11,50	12,25
numico	53,35	53,50	56,90	27,27	53,60
philips	38,73	38,60	62,52	34,30	38,45
kon. olie	64,92	65,05	71,40	53,40	65,10
tpg	22,20	22,45	29,80	18,50	22,50
unilever	66,85	67,25	69,50	40,00	67,30
vedior	12,70	12,80	17,20	9,40	12,85
vnu	52,20	52,40	71,00	42,55	52,30
wolt.kluw.	23,33	23,25	32,10	14,35	23,15
hbg	14,40	14,20	16,50	10,90	14,35
stork	12,15	12,05	17,40	11,30	12,20
oce	16,95	17,05	22,75	13,60	17,00
nedlloyd	24,10	23,90	28,40	18,50	24,00
van ommeren	27,00	27,10	32,80	21,05	27,15
abn amro hold.	24,36	24,60	25,28	19,22	24,72
aegon	44,02	44,05	50,26	30,03	44,25
ahold	33,18	34,25	36,80	20,12	34,57
akzo nobel	57,26	57,15	59,10	36,65	57,20
asm lith.	24,35	24,25	59,70	20,01	24,55
baan	2,62	2,68	14,60	2,50	2,71
buhrmann	28,21	28,59	40,50	24,33	28,66
corus group	1,10	1,12	2,60	0,96	1,14
dsm	35,61	35,40	40,95	29,20	35,30
elsevier	15,66	15,63	17,68	8,57	15,70
fortis (nl)	34,50	34,65	40,13	23,70	34,80
getronics	6,29	6,14	30,50	5,80	6,20
hagemeyer	25,80	25,65	30,05	17,92	25,50
heineken	64,60	64,00	67,50	41,30	64,45
ing groep	85,34	85,20	86,60	48,22	85,10
klm	24,70	24,30	31,70	16,30	24,40
kpn	12,14	12,30	115,00	11,50	12,25
numico	53,35	53,50	56,90	27,27	53,60
philips	38,73	38,60	62,52	34,30	38,45
kon. olie	64,92	65,05	71,40	53,40	65,10
tpg	22,20	22,45	29,80	18,50	22,50
unilever	66,85	67,25	69,50	40,00	67,30
vedior	12,70	12,80	17,20	9,40	12,85
vnu	52,20	52,40	71,00	42,55	52,30
wolt.kluw.	23,33	23,25	32,10	14,35	23,15
hbg	14,40	14,20	16,50	10,90	14,35
stork	12,15	12,05	17,40	11,30	12,20
oce	16,95	17,05	22,75	13,60	17,00
nedlloyd	24,10	23,90	28,40	18,50	24,00
van ommeren	27,00	27,10	32,80	21,05	27,15
abn amro hold.	24,36	24,60	25,28	19,22	24,72
aegon	44,02	44,05	50,26	30,03	44,25
ahold	33,18	34,25	36,80	20,12	34,57
akzo nobel	57,26	57,15	59,10	36,65	57,20
asm lith.	24,35	24,25	59,70	20,01	24,55
baan	2,62	2,68	14,60	2,50	2,71
buhrmann	28,21	28,59	40,50	24,33	28,66
corus group	1,10	1,12	2,60	0,96	1,14
dsm	35,61	35,40	40,95	29,20	35,30
elsevier	15,66	15,63	17,68	8,57	15,70
fortis (nl)	34,50	34,65	40,13	23,70	34,80
getronics	6,29	6,14	30,50	5,80	6,20
hagemeyer	25,80	25,65	30,05	17,92	25,50
heineken	64,60	64,00	67,50	41,30	64,45
ing groep	85,34	85,20	86,60	48,22	85,10
klm	24,70	24,30	31,70	16,30	24,40
kpn	12,14	12,30	115,00	11,50	12,25
numico	53,35	53,50	56,90	27,27	53,60
philips	38,73	38,60	62,52	34,30	38,45
kon. olie	64,92	65,05	71,40	53,40	65,10
tpg	22,20	22,45	29,80	18,50	22,50
unilever	66,85	67,25	69,50	40,00	67,30
vedior	12,70	12,80	17,20	9,40	12,85
vnu	52,20	52,40	71,00	42,55	52,30
wolt.kluw.	23,33	23,25	32,10	14,35	23,15
hbg	14,40	14,20	16,50	10,90	14,35
stork	12,15	12,05	17,40	11,30	12,20
oce	16,95	17,05	22,75	13,60	17,00
nedlloyd	24,10	23,90	28,40	18,50	24,00
van ommeren	27,00	27,10	32,80	21,05	27,15
abn amro hold.	24,36	24,60	25,28	19,22	24,72
aegon	44,02	44,05	50,26	30,03	44,25
ahold	33,18	34,25	36,80	20,12	34,57
akzo nobel	57,26	57,15	59,10	36,65	57,20
asm lith.	24,35	24,25	59,70	20,01	24,55
baan	2,62	2,68	14,60	2,50	2,71
buhrmann	28,21	28,59	40,50	24,33	28,66
corus group	1,10	1,12	2,60	0,96	1,14
dsm	35,61	35,40	40,95	29,20	35,30
elsevier	15,66	15,63	17,68	8,57	15,70
fortis (nl)	34,50	34,65	40,13	23,70	34,80
getronics	6,29	6,14	30,50	5,80	6,20
hagemeyer	25,80	25,65	30,05	17,92	25,50
heineken	64,60	64,00	67,50	41,30	64,45
ing groep	85,34	85,20	86,60	48,22	85,10
klm	24,70	24,30	31,70	16,30	24,40
kpn	12,14	12,30	115,00	11,50	12,25
numico	53,35	53,50	56,90	27,27	53,60
philips	38,73	38,60	62,52	34,30	38,45
kon. olie	64,92	65,05	71,40	53,40	65,10
tpg	22,20	22,45	29,80	18,50	22,50
unilever	66,85	67,25	69,50	40,00	67,30
vedior	12,70	12,80	17,20	9,40	12,85
vnu	52,20	52,40	71,00	42,55	52,30
wolt.kluw.	23,33	23,25	32,10	14,35	23,15
hbg	14,40	14,20	16,50	10,90	14,35
stork	12,15	12,05	17,40	11,30	12,20
oce	16,95	17,05	22,75	13,60	17,00
nedlloyd	24,10	23,90	28,40	18,50	24,00
van ommeren	27,00	27,10	32,80	21,05	27,15
abn amro hold.	24,36	24,60	25,28	19,22	24,72
aegon	44,02	44,05	50,26	30,03	44,25
ahold	33,18	34,25	36,80	20,12	34,57
akzo nobel	57,26	57,15	59,10	36,65	57,20
asm lith.	24,35	24,25	59,70	20,01	24,55
baan	2,62	2,68	14,60	2,50	2,71
buhrmann	28,21	28,59	40,50	24,33	28,66
corus group	1,10	1,12	2,60	0,96	1,14
dsm	35,61	35,40	40,95	29,20	35,30
elsevier	15,66	15,63	17,68	8,57	15,70
fortis (nl)	34,50	34,65	40,13	23,70	34,80
getronics	6,29	6,14	30,50	5,80	6,20
hagemeyer	25,80	25,65	30,05	17,92	25,50
heineken	64,60	64,00	67,50	41,30	64,45
ing groep	85,34	85,20	86,60	48,22	85,10
klm	24,70	24,30	31,70	16,30	24,40
kpn	12,14	12,30	115,00	11,50	12,25
numico	53,35	53,50	56,90	27,27	53,60
philips	38,73	38,60	62,52	34,30	38,45
kon. olie	64,92	65,05	71,40	53,40	65,10
tpg	22,20	22,45	29,80	18,50	22,50
unilever	66,85	67,25	69,50	40,00	67,30
vedior	12,70	12,80	17,20	9,40	12,85
vnu	52,20	52,40	71,00	42,55	52,30
wolt.kluw.	23,33	23,25	32,10	14,35	23,15
hbg	14,40	14,20	16,50	10,90	14,35
stork	12,15	12,05	17,40	11,30	12,20
oce	16,95	17,05	22,75	13,60	17,00
nedlloyd	24,10	23,90	28,40	18,50	24,00
van ommeren	27,00	27,10	32,80	21,05	27,15
abn amro hold.	24,36	24,60	25,28	19,22	24,72
aegon	44,02	44,05	50,26	30,03	44,25
ahold	33,18	34,25	36,80	20,12	34,57
akzo nobel	57,26	57,15	59,10	36,65	57,20
asm lith.	24,35	24,25	59,70	20,01	24,55
baan	2,62	2,68	14,60	2,50	2,71
buhrmann	28,21	28,59	40,50	24,33	28,66
corus group	1,10	1,12	2,60	0,96	1,14
dsm	35,61	35,40	40,95	29,20	35,30
elsevier	15,66	15,63	17,68	8,57	15,70
fortis (nl)	34,50	34,65	40,13	23,70	34,80
getronics	6,29	6,14	30,50	5,80	6,20
hagemeyer	25,80	25,65	30,05	17,92	25,50
heineken	64,60	64,00	67,50	41,30	64,45
ing groep	85,34	85,20	86,60	48,22	85,10
klm	24,70	24,30	31,70	16,30	24,40
kpn	12,14	12,30	115,00	11,50	12,25
numico	53,35	53,50	56,90	27,27	53,60
philips	38,73	38,60	62,52	34,30	38,45
kon. olie	64,92	65,05	71,40	53,40	65,10
tpg	22,20	22,45	29,80	18,50	22,50
unilever	66,85	67,25	69,50	40,00	67,30
vedior	12,70	12,80	17,20	9,40	12,85
vnu	52,20	52,40	71,00	42,55	52,30
wolt.kluw.	23,33	23,25	32,10	14,35	23,15
hbg	14,40	14,20	16,50	10,90	14,35
stork	12,15	12,05	17,40	11,30	12,20
oce	16,95	17,05	22,75	13,60	17,00
nedlloyd	24,10	23,90	28,40	18,50	24,00
van ommeren	27,00	27,10	32,80	21,05	27,15
abn amro hold.	24,36	24,60	25,28	19,22	24,72
aegon	44,02	44,05	50,26	30,03	44,25
ahold	33,18	34,25	36,80	20,12	34,57
akzo nobel	57,26	57,15	59,10	36,65	57,20
asm lith.	24,35	24,25	59,70	20,01	24,55
baan	2,62	2,68	14,60	2,50	2,71
buhrmann	28,21	28,59	40,50	24,33	28,66
corus group	1,10	1,12	2,60	0,96	1,14
dsm	35,61	35,40	40,95	29,20	35,30
elsevier	15,66	15,63	17,68	8,57	15,70
fortis (nl)	34,50	34,65	40,13	23,70	34,80
getronics	6,29	6,14	30,50	5,80	6,20
hagemeyer	25,80	25,65	30,05	17,92	25,50
heineken	64,60	64,00	67,50	41,30	64,45
ing groep	85,34	85,20	86,60	48,22	85,10
klm	24,70	24,30	31,70	16,30	24,40
kpn	12,14	12,30	115,00	11,50	12,25
numico	53,35	53,50	56,90	27,27	53,60
philips	38,73	38,60	62,52	34,30	38,45
kon. olie	64,92	65,05	71,40	53,40	65,10
tpg	22,20	22,45	29,80	18,50	22,50
unilever	66,85	67,25	69,50	40,00	67,30
vedior	12,70	12,80	17,20	9,40	12,85
vnu	52,20	52,40	71,00	42,55	52,30
wolt.kluw.	23,33	23,25	32,10	14,35	23,15
hbg	14,40	14,20	16,50	10,90	14,35
stork	12,15	12,05	17,40	11,30	12,20
oce	16,95	17,05	22,75	13,60	17,00
nedlloyd	24,10	23,90	28,40	18,50	24,00
van ommeren	27,00	27,10	32,80	21,05	27,15
abn amro hold.	24,36	24,60	25,28	19,22	24,72
aegon	44,02	44,05	50,26	30,03	44,25
ahold	33,18	34,25	36,80	20,12	34,57
akzo nobel	57,26	57,15	59,10	36,65	57,20
asm lith.	24,35	24,25	59,70	20,01	24,55
baan	2,62	2,68	14,60	2,50	2,71
buhrmann	28,21	28,59	40,50	24,33	28,66
corus group	1,10	1,12	2,60	0,96	1,14
dsm	35,61	35,40	40,95	29,20	35,30
elsevier	15,66	15,63	17,68	8,57	15,70
fortis (nl)	34,50	34,65	40,13	23,70	34,80
getronics	6,29	6,14	30,50	5,80	6,20
hagemeyer	25,80	25,65	30,05	17,92	25,50
heineken	64,60	64,00	67,50	41,30	64,45
GOEDERENMARKTEN
LONDEN
6 nl 93-03	101,30	101,35	103,20	99,80
5,75 nl 94-04	100,65	100,70	101,95	98,45
7,5 nl 93-23	126,40	126,55	127,10	110,80
5,5 nl 98-28	100,20	100,25	101,30	88,60
3,75 nl 99-09	91,60	91,70	92,40	84,30
5 nl 00-11	99,30	99,35	100,10	95,20
8,25 nl 92-07	117,45	117,40	119,80	113,60
6,5 nl 96-06	106,30	106,35	107,40	101,80
5,25 nl 97-08	101,15	101,20	102,60	96,35
7 nl 95-05	107,10	107,05	108,90	104,40
6,25 nl 96-06	105,20	105,25	106,30	101,00
4 nl 99-03	97,85	97,90	98,60	96,20
6 nl 93-03	101,30	101,35	103,20	99,80
5,75 nl 94-04	100,65	100,70	101,95	98,45
7,5 nl 93-23	126,40	126,55	127,10	110,80
5,5 nl 98-28	100,20	100,25	101,30	88,60
3,75 nl 99-09	91,60	91,70	92,40	84,30
5 nl 00-11	99,30	99,35	100,10	95,20
8,25 nl 92-07	117,45	117,40	119,80	113,60
6,5 nl 96-06	106,30	106,35	107,40	101,80
5,25 nl 97-08	101,15	101,20	102,60	96,35
7 nl 95-05	107,10	107,05	108,90	104,40
6,25 nl 96-06	105,20	105,25	106,30	101,00
4 nl 99-03	97,85	97,90	98,60	96,20
6 nl 93-03	101,30	101,35	103,20	99,80
5,75 nl 94-04	100,65	100,70	101,95	98,45
7,5 nl 93-23	126,40	126,55	127,10	110,80
VARKENSMARKT

UTRECHT - Op de Utrechtse varkensmarkt werden vrijdag 1250 varkens aangevoerd. De prijzen bleven ongewijzigd ten opzichte van vorige week. De handel verliep kalm.

BELEGGINGSFONDSEN
abn amro hold.	24,36	24,60	25,28	19,22	24,72
aegon	44,02	44,05	50,26	30,03	44,25
ahold	33,18	34,25	36,80	20,12	34,57
akzo nobel	57,26	57,15	59,10	36,65	57,20
asm lith.	24,35	24,25	59,70	20,01	24,55
baan	2,62	2,68	14,60	2,50	2,71
buhrmann	28,21	28,59	40,50	24,33	28,66
corus group	1,10	1,12	2,60	0,96	1,14
dsm	35,61	35,40	40,95	29,20	35,30
elsevier	15,66	15,63	17,68	8,57	15,70
fortis (nl)	34,50	34,65	40,13	23,70	34,80
getronics	6,29	6,14	30,50	5,80	6,20
hagemeyer	25,80	25,65	30,05	17,92	25,50
heineken	64,60	64,00	67,50	41,30	64,45
ing groep	85,34	85,20	86,60	48,22	85,10
klm	24,70	24,30	31,70	16,30	24,40
kpn	12,14	12,30	115,00	11,50	12,25
numico	53,35	53,50	56,90	27,27	53,60
philips	38,73	38,60	62,52	34,30	38,45
kon. olie	64,92	65,05	71,40	53,40	65,10
tpg	22,20	22,45	29,80	18,50	22,50
unilever	66,85	67,25	69,50	40,00	67,30
vedior	12,70	12,80	17,20	9,40	12,85
vnu	52,20	52,40	71,00	42,55	52,30
wolt.kluw.	23,33	23,25	32,10	14,35	23,15
hbg	14,40	14,20	16,50	10,90	14,35
stork	12,15	12,05	17,40	11,30	12,20
oce	16,95	17,05	22,75	13,60	17,00
nedlloyd	24,10	23,90	28,40	18,50	24,00
van ommeren	27,00	27,10	32,80	21,05	27,15
abn amro hold.	24,36	24,60	25,28	19,22	24,72
aegon	44,02	44,05	50,26	30,03	44,25
ahold	33,18	34,25	36,80	20,12	34,57
akzo nobel	57,26	57,15	59,10	36,65	57,20
asm lith.	24,35	24,25	59,70	20,01	24,55
baan	2,62	2,68	14,60	2,50	2,71
buhrmann	28,21	28,59	40,50	24,33	28,66
corus group	1,10	1,12	2,60	0,96	1,14
dsm	35,61	35,40	40,95	29,20	35,30
elsevier	15,66	15,63	17,68	8,57	15,70
fortis (nl)	34,50	34,65	40,13	23,70	34,80
getronics	6,29	6,14	30,50	5,80	6,20
hagemeyer	25,80	25,65	30,05	17,92	25,50
heineken	64,60	64,00	67,50	41,30	64,45
ing groep	85,34	85,20	86,60	48,22	85,10
klm	24,70	24,30	31,70	16,30	24,40
kpn	12,14	12,30	115,00	11,50	12,25
numico	53,35	53,50	56,90	27,27	53,60
philips	38,73	38,60	62,52	34,30	38,45
kon. olie	64,92	65,05	71,40	53,40	65,10
tpg	22,20	22,45	29,80	18,50	22,50
unilever	66,85	67,25	69,50	40,00	67,30
INDEXEN
6 nl 93-03	101,30	101,35	103,20	99,80
5,75 nl 94-04	100,65	100,70	101,95	98,45
7,5 nl 93-23	126,40	126,55	127,10	110,80
5,5 nl 98-28	100,20	100,25	101,30	88,60
3,75 nl 99-09	91,60	91,70	92,40	84,30
5 nl 00-11	99,30	99,35	100,10	95,20
8,25 nl 92-07	117,45	117,40	119,80	113,60
6,5 nl 96-06	106,30	106,35	107,40	101,80
5,25 nl 97-08	101,15	101,20	102,60	96,35
7 nl 95-05	107,10	107,05	108,90	104,40
6,25 nl 96-06	105,20	105,25	106,30	101,00
4 nl 99-03	97,85	97,90	98,60	96,20
6 nl 93-03	101,30	101,35	103,20	99,80
5,75 nl 94-04	100,65	100,70	101,95	98,45
7,5 nl 93-23	126,40	126,55	127,10	110,80
5,5 nl 98-28	100,20	100,25	101,30	88,60
3,75 nl 99-09	91,60	91,70	92,40	84,30
5 nl 00-11	99,30	99,35	100,10	95,20
8,25 nl 92-07	117,45	117,40	119,80	113,60
6,5 nl 96-06	106,30	106,35	107,40	101,80
5,25 nl 97-08	101,15	101,20	102,60	96,35
7 nl 95-05	107,10	107,05	108,90	104,40
6,25 nl 96-06	105,20	105,25	106,30	101,00
4 nl 99-03	97,85	97,90	98,60	96,20
6 nl 93-03	101,30	101,35	103,20	99,80
5,75 nl 94-04	100,65	100,70	101,95	98,45
7,5 nl 93-23	126,40	126,55	127,10	110,80
5,5 nl 98-28	100,20	100,25	101,30	88,60
3,75 nl 99-09	91,60	91,70	92,40	84,30
5 nl 00-11	99,30	99,35	100,10	95,20
8,25 nl 92-07	117,45	117,40	119,80	113,60
6,5 nl 96-06	106,30	106,35	107,40	101,80
5,25 nl 97-08	101,15	101,20	102,60	96,35
7 nl 95-05	107,10	107,05	108,90	104,40
6,25 nl 96-06	105,20	105,25	106,30	101,00
4 nl 99-03	97,85	97,90	98,60	96,20
6 nl 93-03	101,30	101,35	103,20	99,80
5,75 nl 94-04	100,65	100,70	101,95	98,45
7,5 nl 93-23	126,40	126,55	127,10	110,80
5,5 nl 98-28	100,20	100,25	101,30	88,60
3,75 nl 99-09	91,60	91,70	92,40	84,30
5 nl 00-11	99,30	99,35	100,10	95,20
8,25 nl 92-07	117,45	117,40	119,80	113,60
6,5 nl 96-06	106,30	106,35	107,40	101,80
5,25 nl 97-08	101,15	101,20	102,60	96,35
7 nl 95-05	107,10	107,05	108,90	104,40
VALUTAKOERSEN
WISSELMARKT AMSTERDAM
6 nl 93-03	101,30	101,35	103,20	99,80
5,75 nl 94-04	100,65	100,70	101,95	98,45
7,5 nl 93-23	126,40	126,55	127,10	110,80
5,5 nl 98-28	100,20	100,25	101,30	88,60
3,75 nl 99-09	91,60	91,70	92,40	84,30
5 nl 00-11	99,30	99,35	100,10	95,20
8,25 nl 92-07	117,45	117,40	119,80	113,60
6,5 nl 96-06	106,30	106,35	107,40	101,80
5,25 nl 97-08	101,15	101,20	102,60	96,35
7 nl 95-05	107,10	107,05	108,90	104,40
6,25 nl 96-06	105,20	105,25	106,30	101,00
4 nl 99-03	97,85	97,90	98,60	96,20
6 nl 93-03	101,30	101,35	103,20	99,80
5,75 nl 94-04	100,65	100,70	101,95	98,45
7,5 nl 93-23	126,40	126,55	127,10	110,80
5,5 nl 98-28	100,20	100,25	101,30	88,60
Euro sluit hoger

LONDEN (ANP) - De euro was gisteren hoger met een slotkoers van 0,9390 dollar. Donderdag sloot de Europese munteenheid op 0,9260 dollar. Net als voor de nieuwe eenheidsmunt was 2000 voor de euro een jaar van verliezen.

De dollar kwam uit op 2,3370. De slotkoersen van de voorgaande dag luidden 2,3785. Het pond sterling liet zijn koers hoger uitkomen en noteerde 1,4950 dollar.

VREEMD GELD
6 nl 93-03	101,30	101,35	103,20	99,80
5,75 nl 94-04	100,65	100,70	101,95	98,45
7,5 nl 93-23	126,40	126,55	127,10	110,80
5,5 nl 98-28	100,20	100,25	101,30	88,60
3,75 nl 99-09	91,60	91,70	92,40	84,30
5 nl 00-11	99,30	99,35	100,10	95,20
8,25 nl 92-07	117,45	117,40	119,80	113,60
6,5 nl 96-06	106,30	106,35	107,40	101,80
5,25 nl 97-08	101,15	101,20	102,60	96,35
7 nl 95-05	107,10	107,05	108,90	104,40
6,25 nl 96-06	105,20	105,25	106,30	101,00
4 nl 99-03	97,85	97,90	98,60	96,20
6 nl 93-03	101,30	101,35	103,20	99,80
5,75 nl 94-04	100,65	100,70	101,95	98,45
DE HEER & CO
effecten & vastgoed
SLIEDRECHT
Telefoon: 0184 - 41 07 00
RIDDERKERK
Telefoon: 0180 - 42 19 00
OUD-BEIJERLAND
Telefoon: 0186 - 61 24 00
MIDDELHARNIS
Telefoon: 0187 - 48 71 77
GOUDA
Telefoon: 0182 - 57 28 00
MEERKERK
Telefoon: 0183 - 35 30 20
BEURS AMSTERDAM
Beurs sluit lager dan eind '99

AMSTERDAM (ANP) - De Amsterdamse beurs is gisteren lager geëindigd dan eind 1999. Het is voor het eerst in tien jaar dat de beurs lager was dan in een voorgaand jaar.

De daling bleek op de laatste handelsdag van 2000 beperkt. De AEX-index eindigde op 637,43 punten. Fondsen als Philips, KPN en ASM Lithography moesten terrein prijsgeven.

Het jaar gaat als een teleurstellend jaar te boek. Banken en verzekeraars deden het relatief goed, terwijl technologiefondsen fors onderuit gingen.

BEURS NEW YORK
Technologiefondsen omlaag

NEW YORK (ANP/RTR) - Op de effectenbeurs van New York zijn op de laatste handelsdag van het jaar de technologiefondsen onder zware druk gezet. De Nasdaq kwam uit op 2470,52 punten.

De Dow Jones-index verloor 81,91 punten en sloot op 10.787,99. Het jaar 2000 was voor de Nasdaq het slechtste jaar in zijn geschiedenis.

Beleggers vreesden dat de vertraging van de Amerikaanse economie zwaarder uitvalt dan verwacht, wat ten koste gaat van de winsten van technologiebedrijven.
